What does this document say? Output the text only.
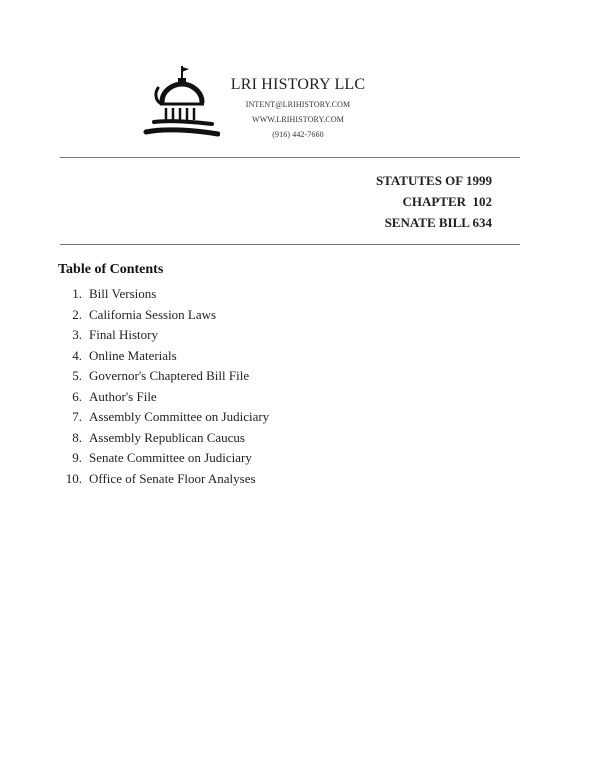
LRI HISTORY LLC
INTENT@LRIHISTORY.COM
WWW.LRIHISTORY.COM
(916) 442-7660
STATUTES OF 1999
CHAPTER  102
SENATE BILL 634
Table of Contents
1. Bill Versions
2. California Session Laws
3. Final History
4. Online Materials
5. Governor's Chaptered Bill File
6. Author's File
7. Assembly Committee on Judiciary
8. Assembly Republican Caucus
9. Senate Committee on Judiciary
10. Office of Senate Floor Analyses
